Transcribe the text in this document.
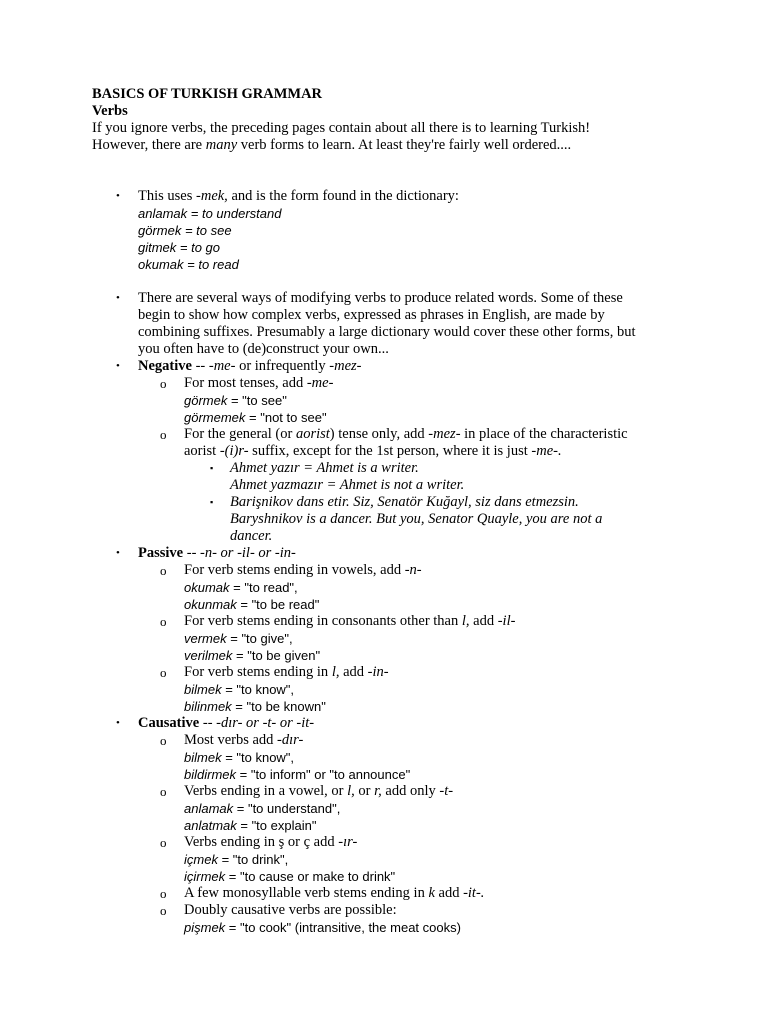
BASICS OF TURKISH GRAMMAR
Verbs
If you ignore verbs, the preceding pages contain about all there is to learning Turkish!
However, there are many verb forms to learn. At least they're fairly well ordered....
• This uses -mek, and is the form found in the dictionary:
anlamak = to understand
görmek = to see
gitmek = to go
okumak = to read
• There are several ways of modifying verbs to produce related words. Some of these
begin to show how complex verbs, expressed as phrases in English, are made by
combining suffixes. Presumably a large dictionary would cover these other forms, but
you often have to (de)construct your own...
• Negative -- -me- or infrequently -mez-
o For most tenses, add -me-
görmek = "to see"
görmemek = "not to see"
o For the general (or aorist) tense only, add -mez- in place of the characteristic
aorist -(i)r- suffix, except for the 1st person, where it is just -me-.
▪ Ahmet yazır = Ahmet is a writer.
Ahmet yazmazır = Ahmet is not a writer.
▪ Barişnikov dans etir. Siz, Senatör Kuğayl, siz dans etmezsin.
Baryshnikov is a dancer. But you, Senator Quayle, you are not a
dancer.
• Passive -- -n- or -il- or -in-
o For verb stems ending in vowels, add -n-
okumak = "to read",
okunmak = "to be read"
o For verb stems ending in consonants other than l, add -il-
vermek = "to give",
verilmek = "to be given"
o For verb stems ending in l, add -in-
bilmek = "to know",
bilinmek = "to be known"
• Causative -- -dır- or -t- or -it-
o Most verbs add -dır-
bilmek = "to know",
bildirmek = "to inform" or "to announce"
o Verbs ending in a vowel, or l, or r, add only -t-
anlamak = "to understand",
anlatmak = "to explain"
o Verbs ending in ş or ç add -ır-
içmek = "to drink",
içirmek = "to cause or make to drink"
o A few monosyllable verb stems ending in k add -it-.
o Doubly causative verbs are possible:
pişmek = "to cook" (intransitive, the meat cooks)
